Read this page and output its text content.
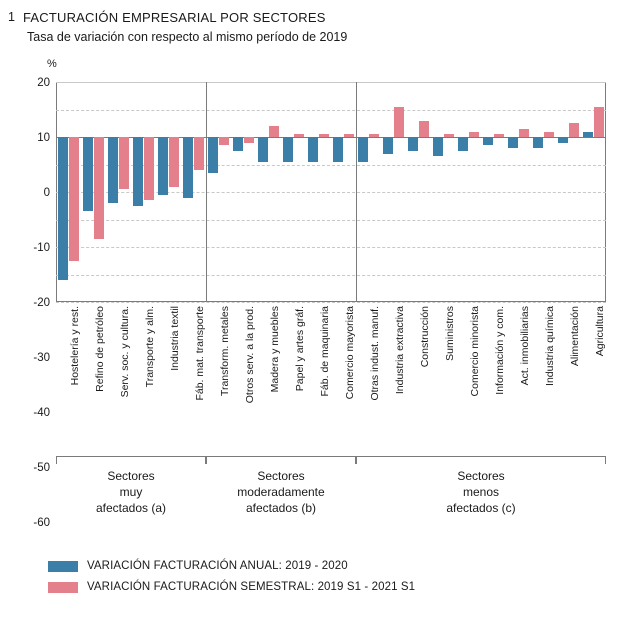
1 FACTURACIÓN EMPRESARIAL POR SECTORES
Tasa de variación con respecto al mismo período de 2019
%
20
10
0
-10
-20
-30
-40
-50
-60
Hostelería y rest. Refino de petróleo Serv. soc. y cultura. Transporte y alm. Industria textil Fáb. mat. transporte Transform. metales Otros serv. a la prod. Madera y muebles Papel y artes gráf. Fáb. de maquinaria Comercio mayorista Otras indust. manuf. Industria extractiva Construcción Suministros Comercio minorista Información y com. Act. inmobiliarias Industria química Alimentación Agricultura
Sectores
muy
afectados (a)
Sectores
moderadamente
afectados (b)
Sectores
menos
afectados (c)
VARIACIÓN FACTURACIÓN ANUAL: 2019 - 2020
VARIACIÓN FACTURACIÓN SEMESTRAL: 2019 S1 - 2021 S1
